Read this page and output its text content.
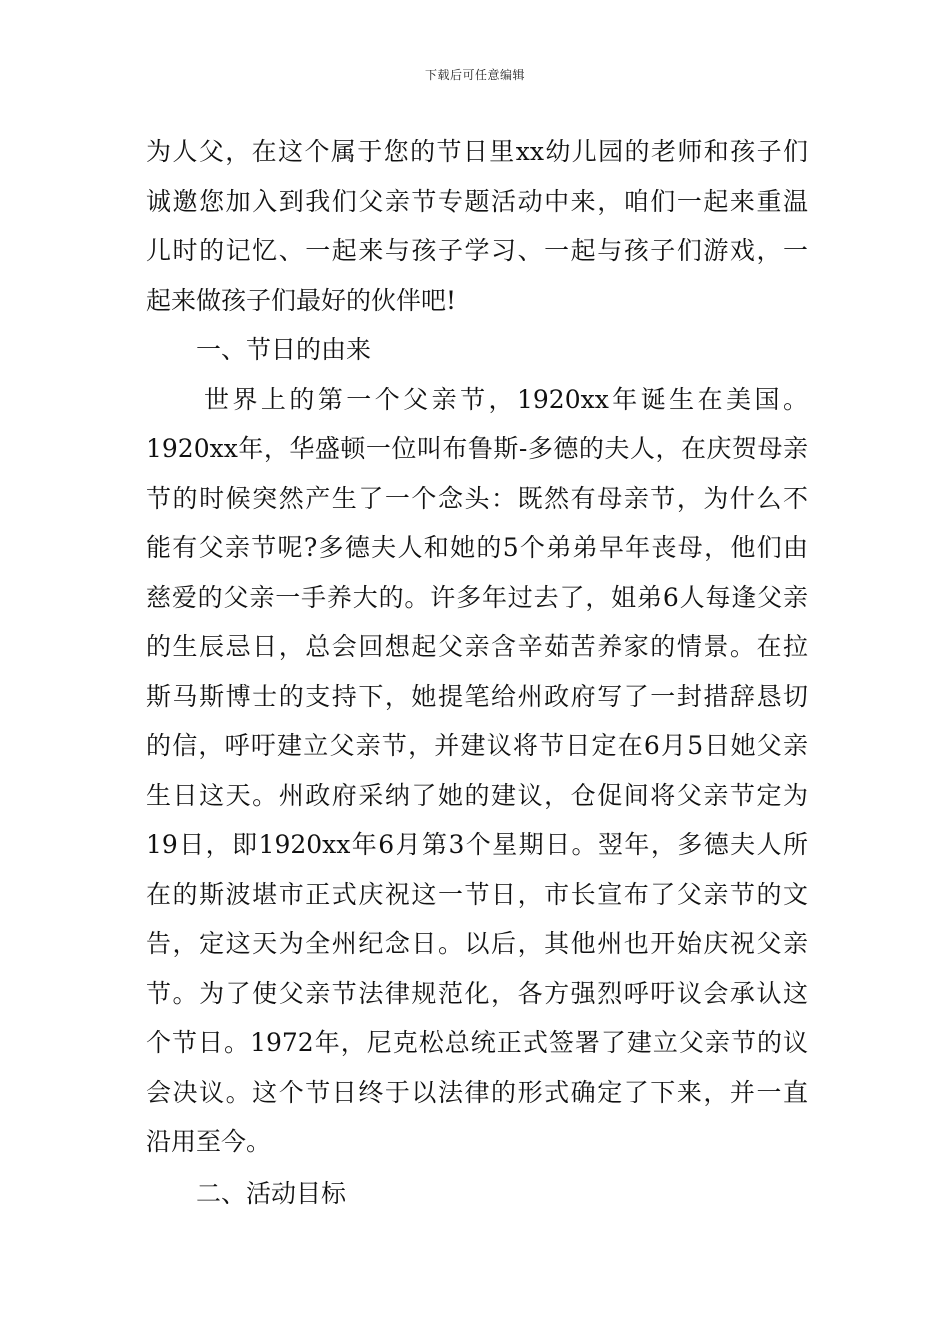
下载后可任意编辑
为人父，在这个属于您的节日里xx幼儿园的老师和孩子们
诚邀您加入到我们父亲节专题活动中来，咱们一起来重温
儿时的记忆、一起来与孩子学习、一起与孩子们游戏，一
起来做孩子们最好的伙伴吧!
一、节日的由来
世界上的第一个父亲节，1920xx年诞生在美国。
1920xx年，华盛顿一位叫布鲁斯-多德的夫人，在庆贺母亲
节的时候突然产生了一个念头：既然有母亲节，为什么不
能有父亲节呢?多德夫人和她的5个弟弟早年丧母，他们由
慈爱的父亲一手养大的。许多年过去了，姐弟6人每逢父亲
的生辰忌日，总会回想起父亲含辛茹苦养家的情景。在拉
斯马斯博士的支持下，她提笔给州政府写了一封措辞恳切
的信，呼吁建立父亲节，并建议将节日定在6月5日她父亲
生日这天。州政府采纳了她的建议，仓促间将父亲节定为
19日，即1920xx年6月第3个星期日。翌年，多德夫人所
在的斯波堪市正式庆祝这一节日，市长宣布了父亲节的文
告，定这天为全州纪念日。以后，其他州也开始庆祝父亲
节。为了使父亲节法律规范化，各方强烈呼吁议会承认这
个节日。1972年，尼克松总统正式签署了建立父亲节的议
会决议。这个节日终于以法律的形式确定了下来，并一直
沿用至今。
二、活动目标
